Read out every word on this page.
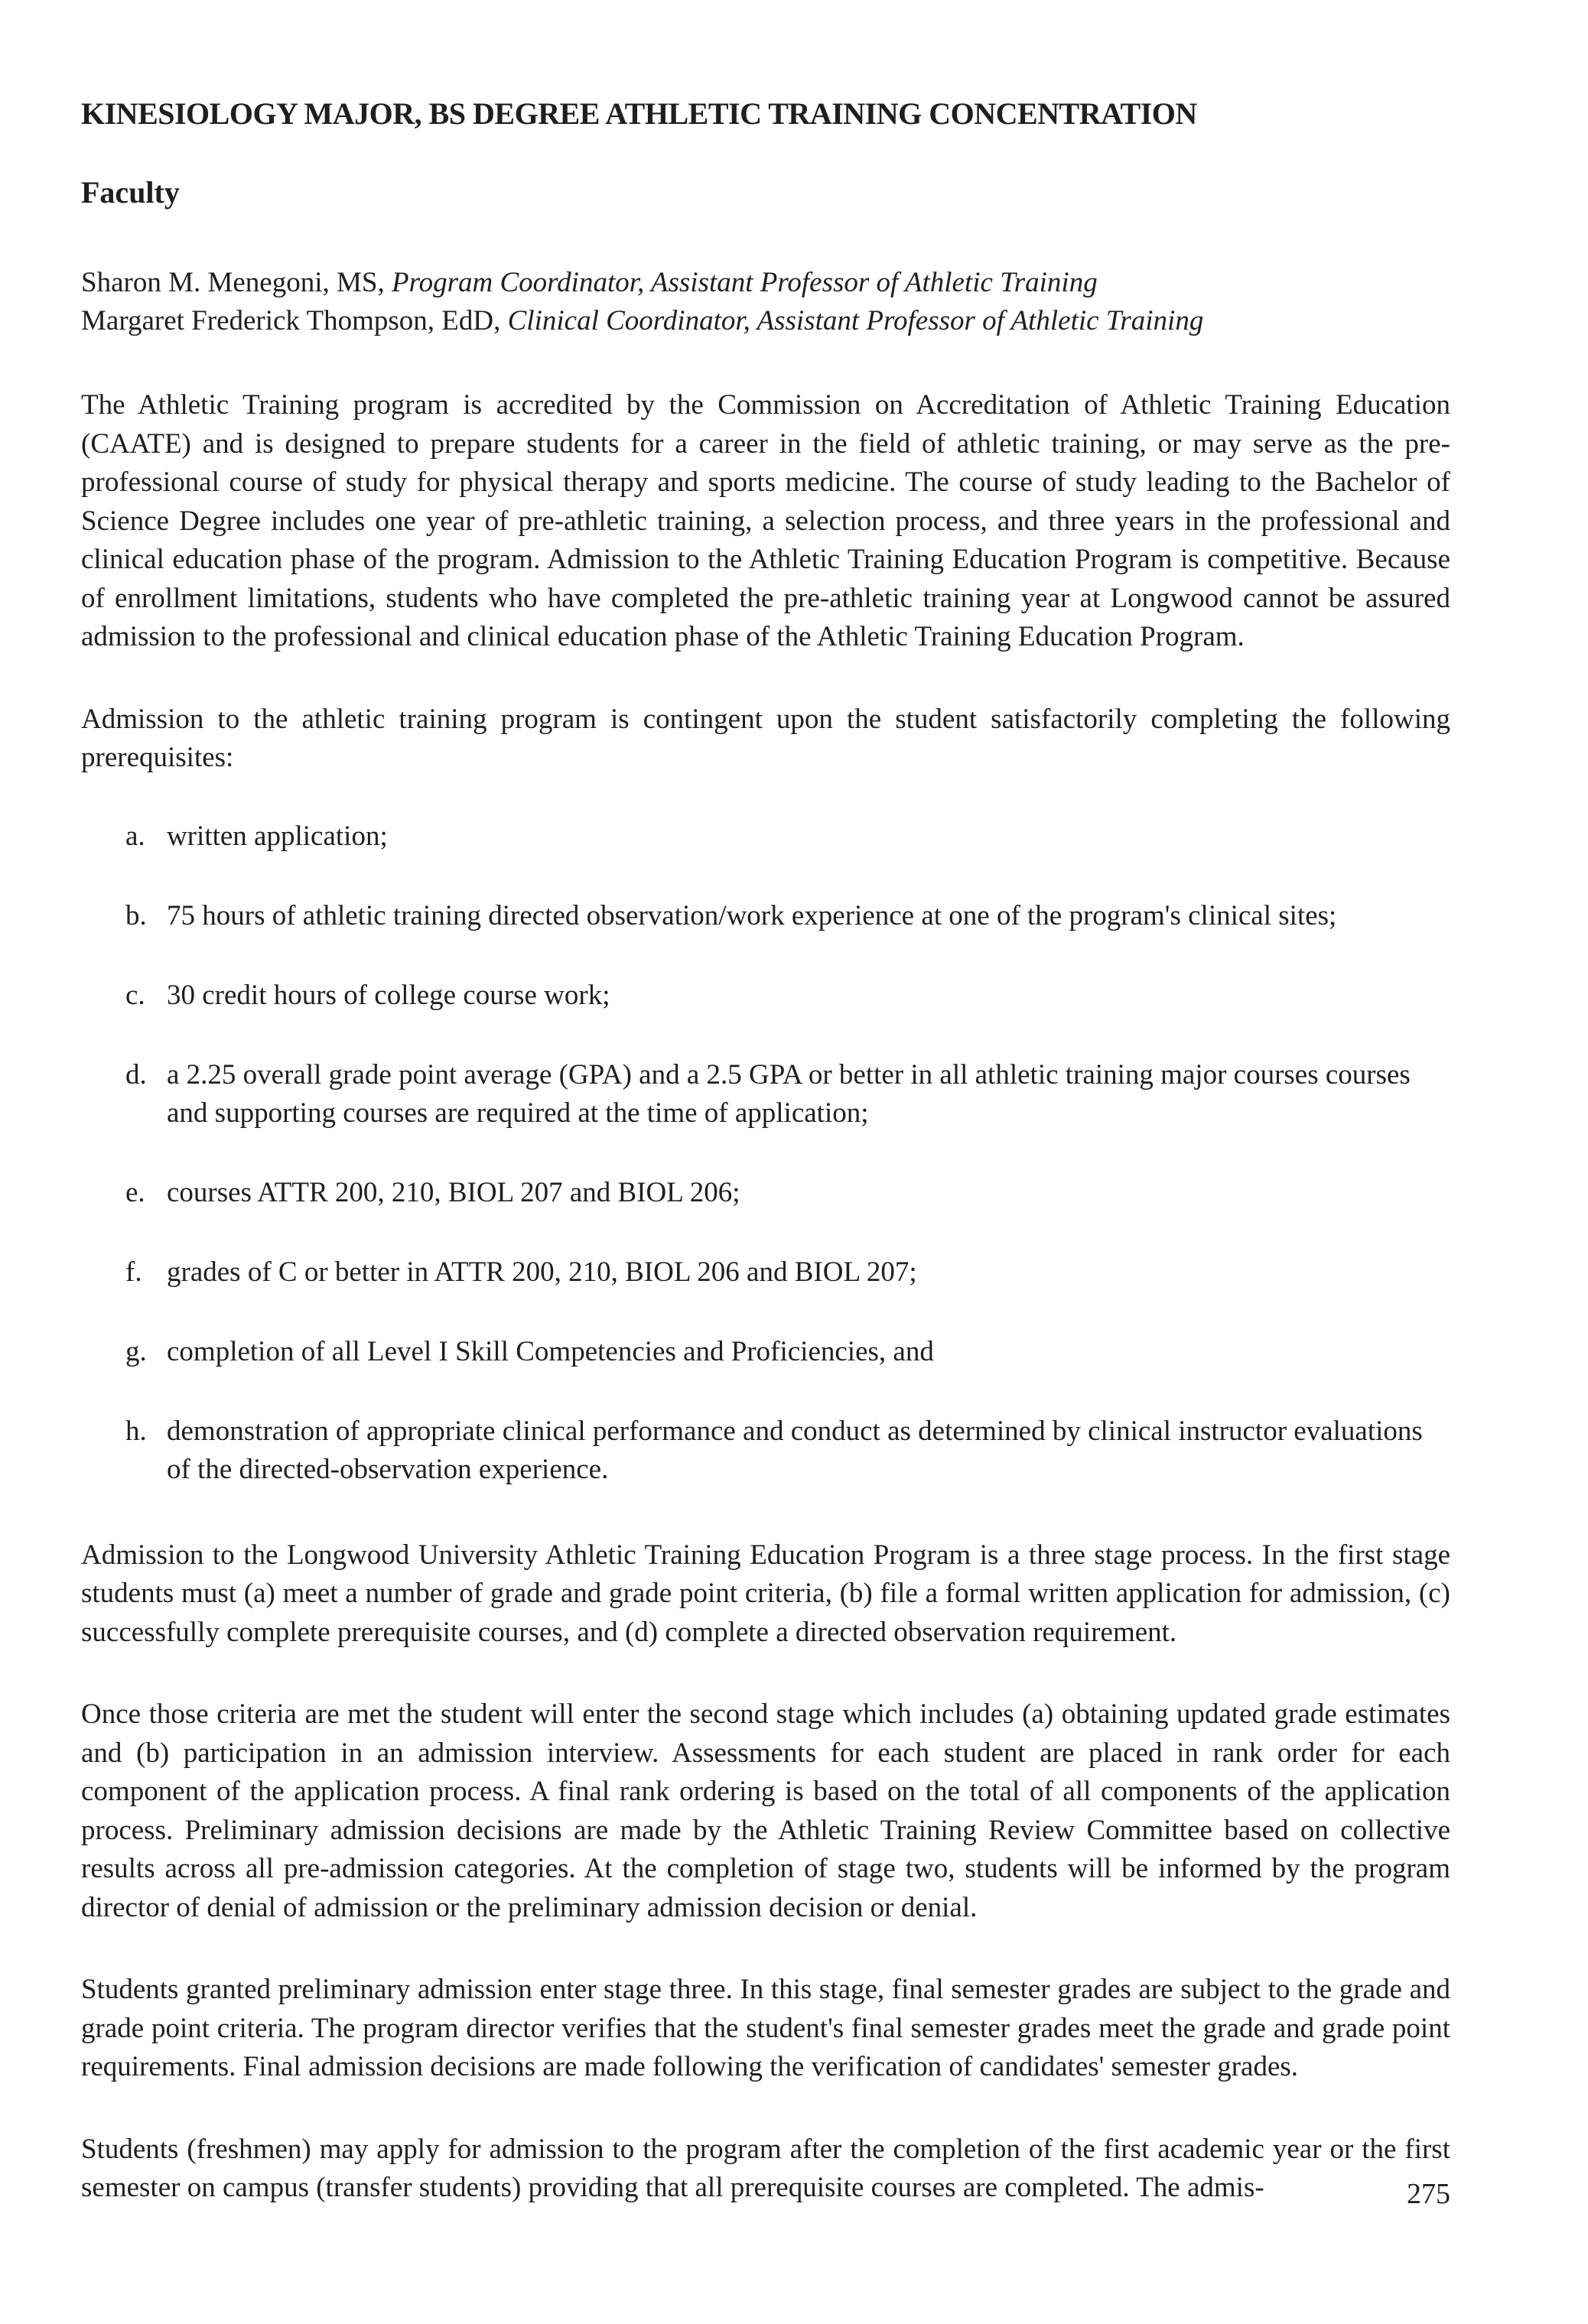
KINESIOLOGY MAJOR, BS DEGREE ATHLETIC TRAINING CONCENTRATION
Faculty

Sharon M. Menegoni, MS, Program Coordinator, Assistant Professor of Athletic Training

Margaret Frederick Thompson, EdD, Clinical Coordinator, Assistant Professor of Athletic Training

The Athletic Training program is accredited by the Commission on Accreditation of Athletic Training Education (CAATE) and is designed to prepare students for a career in the field of athletic training, or may serve as the pre-professional course of study for physical therapy and sports medicine. The course of study leading to the Bachelor of Science Degree includes one year of pre-athletic training, a selection process, and three years in the professional and clinical education phase of the program. Admission to the Athletic Training Education Program is competitive. Because of enrollment limitations, students who have completed the pre-athletic training year at Longwood cannot be assured admission to the professional and clinical education phase of the Athletic Training Education Program.

Admission to the athletic training program is contingent upon the student satisfactorily completing the following prerequisites:

a. written application;
b. 75 hours of athletic training directed observation/work experience at one of the program's clinical sites;
c. 30 credit hours of college course work;
d. a 2.25 overall grade point average (GPA) and a 2.5 GPA or better in all athletic training major courses courses and supporting courses are required at the time of application;
e. courses ATTR 200, 210, BIOL 207 and BIOL 206;
f. grades of C or better in ATTR 200, 210, BIOL 206 and BIOL 207;
g. completion of all Level I Skill Competencies and Proficiencies, and
h. demonstration of appropriate clinical performance and conduct as determined by clinical instructor evaluations of the directed-observation experience.

Admission to the Longwood University Athletic Training Education Program is a three stage process. In the first stage students must (a) meet a number of grade and grade point criteria, (b) file a formal written application for admission, (c) successfully complete prerequisite courses, and (d) complete a directed observation requirement.

Once those criteria are met the student will enter the second stage which includes (a) obtaining updated grade estimates and (b) participation in an admission interview. Assessments for each student are placed in rank order for each component of the application process. A final rank ordering is based on the total of all components of the application process. Preliminary admission decisions are made by the Athletic Training Review Committee based on collective results across all pre-admission categories. At the completion of stage two, students will be informed by the program director of denial of admission or the preliminary admission decision or denial.

Students granted preliminary admission enter stage three. In this stage, final semester grades are subject to the grade and grade point criteria. The program director verifies that the student's final semester grades meet the grade and grade point requirements. Final admission decisions are made following the verification of candidates' semester grades.

Students (freshmen) may apply for admission to the program after the completion of the first academic year or the first semester on campus (transfer students) providing that all prerequisite courses are completed. The admis-	275
